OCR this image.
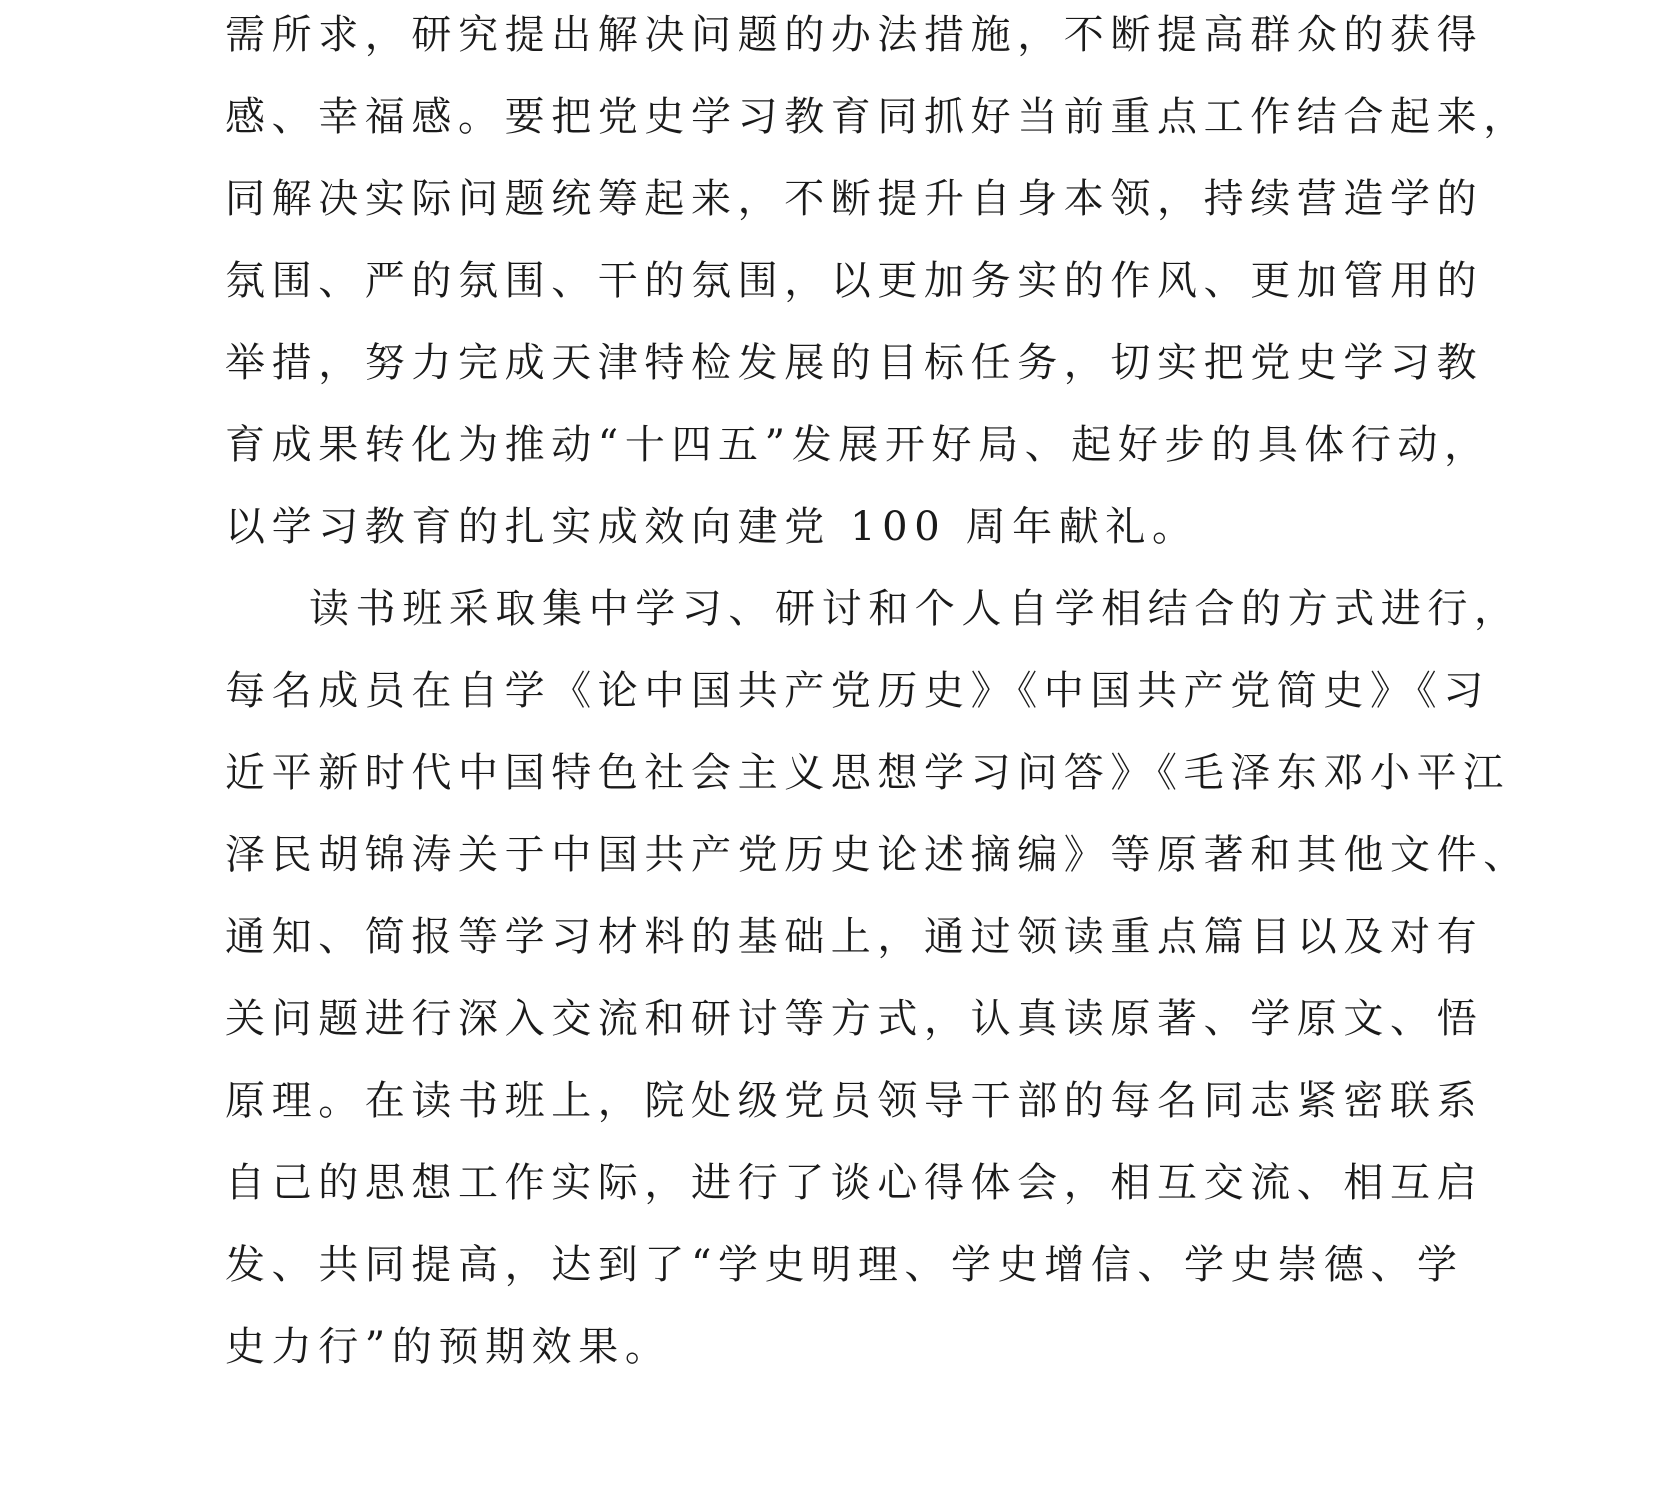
需所求，研究提出解决问题的办法措施，不断提高群众的获得
感、幸福感。要把党史学习教育同抓好当前重点工作结合起来，
同解决实际问题统筹起来，不断提升自身本领，持续营造学的
氛围、严的氛围、干的氛围，以更加务实的作风、更加管用的
举措，努力完成天津特检发展的目标任务，切实把党史学习教
育成果转化为推动“十四五”发展开好局、起好步的具体行动，
以学习教育的扎实成效向建党 100 周年献礼。
读书班采取集中学习、研讨和个人自学相结合的方式进行，
每名成员在自学《论中国共产党历史》《中国共产党简史》《习
近平新时代中国特色社会主义思想学习问答》《毛泽东邓小平江
泽民胡锦涛关于中国共产党历史论述摘编》等原著和其他文件、
通知、简报等学习材料的基础上，通过领读重点篇目以及对有
关问题进行深入交流和研讨等方式，认真读原著、学原文、悟
原理。在读书班上，院处级党员领导干部的每名同志紧密联系
自己的思想工作实际，进行了谈心得体会，相互交流、相互启
发、共同提高，达到了“学史明理、学史增信、学史崇德、学
史力行”的预期效果。
